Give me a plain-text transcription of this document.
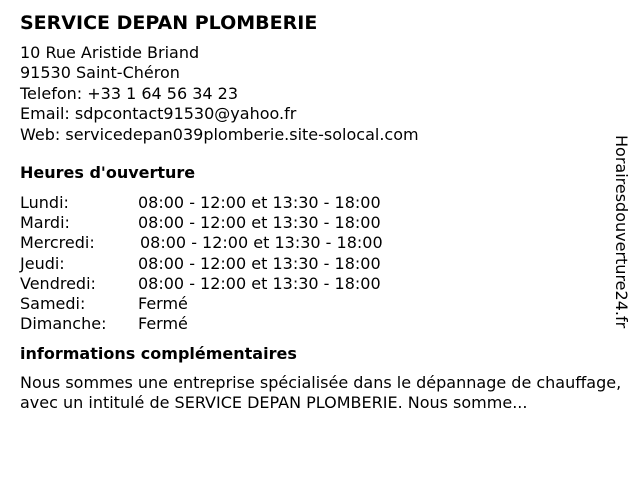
SERVICE DEPAN PLOMBERIE
10 Rue Aristide Briand
91530 Saint-Chéron
Telefon: +33 1 64 56 34 23
Email: sdpcontact91530@yahoo.fr
Web: servicedepan039plomberie.site-solocal.com
Heures d'ouverture
Lundi:	08:00 - 12:00 et 13:30 - 18:00
Mardi:	08:00 - 12:00 et 13:30 - 18:00
Mercredi:	08:00 - 12:00 et 13:30 - 18:00
Jeudi:	08:00 - 12:00 et 13:30 - 18:00
Vendredi:	08:00 - 12:00 et 13:30 - 18:00
Samedi:	Fermé
Dimanche:	Fermé
informations complémentaires
Nous sommes une entreprise spécialisée dans le dépannage de chauffage, avec un intitulé de SERVICE DEPAN PLOMBERIE. Nous somme...
Horairesdouverture24.fr
